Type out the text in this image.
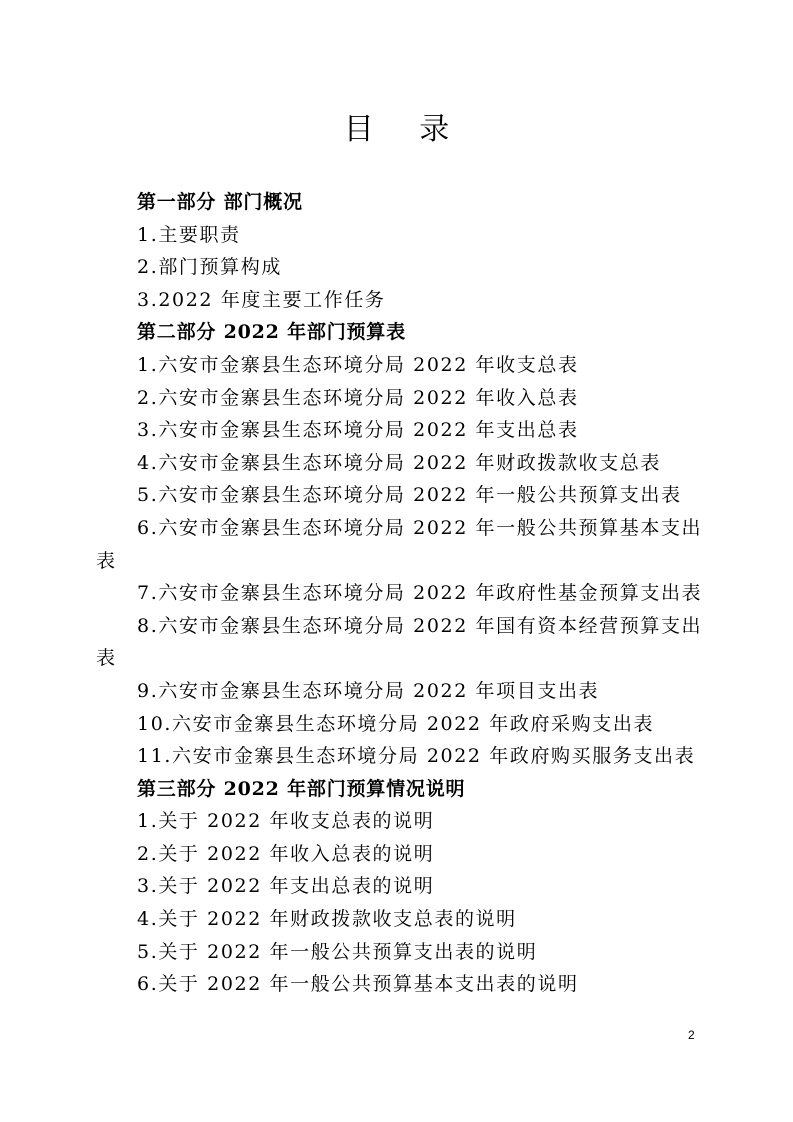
目 录
第一部分 部门概况
1.主要职责
2.部门预算构成
3.2022 年度主要工作任务
第二部分 2022 年部门预算表
1.六安市金寨县生态环境分局 2022 年收支总表
2.六安市金寨县生态环境分局 2022 年收入总表
3.六安市金寨县生态环境分局 2022 年支出总表
4.六安市金寨县生态环境分局 2022 年财政拨款收支总表
5.六安市金寨县生态环境分局 2022 年一般公共预算支出表
6.六安市金寨县生态环境分局 2022 年一般公共预算基本支出
表
7.六安市金寨县生态环境分局 2022 年政府性基金预算支出表
8.六安市金寨县生态环境分局 2022 年国有资本经营预算支出
表
9.六安市金寨县生态环境分局 2022 年项目支出表
10.六安市金寨县生态环境分局 2022 年政府采购支出表
11.六安市金寨县生态环境分局 2022 年政府购买服务支出表
第三部分 2022 年部门预算情况说明
1.关于 2022 年收支总表的说明
2.关于 2022 年收入总表的说明
3.关于 2022 年支出总表的说明
4.关于 2022 年财政拨款收支总表的说明
5.关于 2022 年一般公共预算支出表的说明
6.关于 2022 年一般公共预算基本支出表的说明
2
